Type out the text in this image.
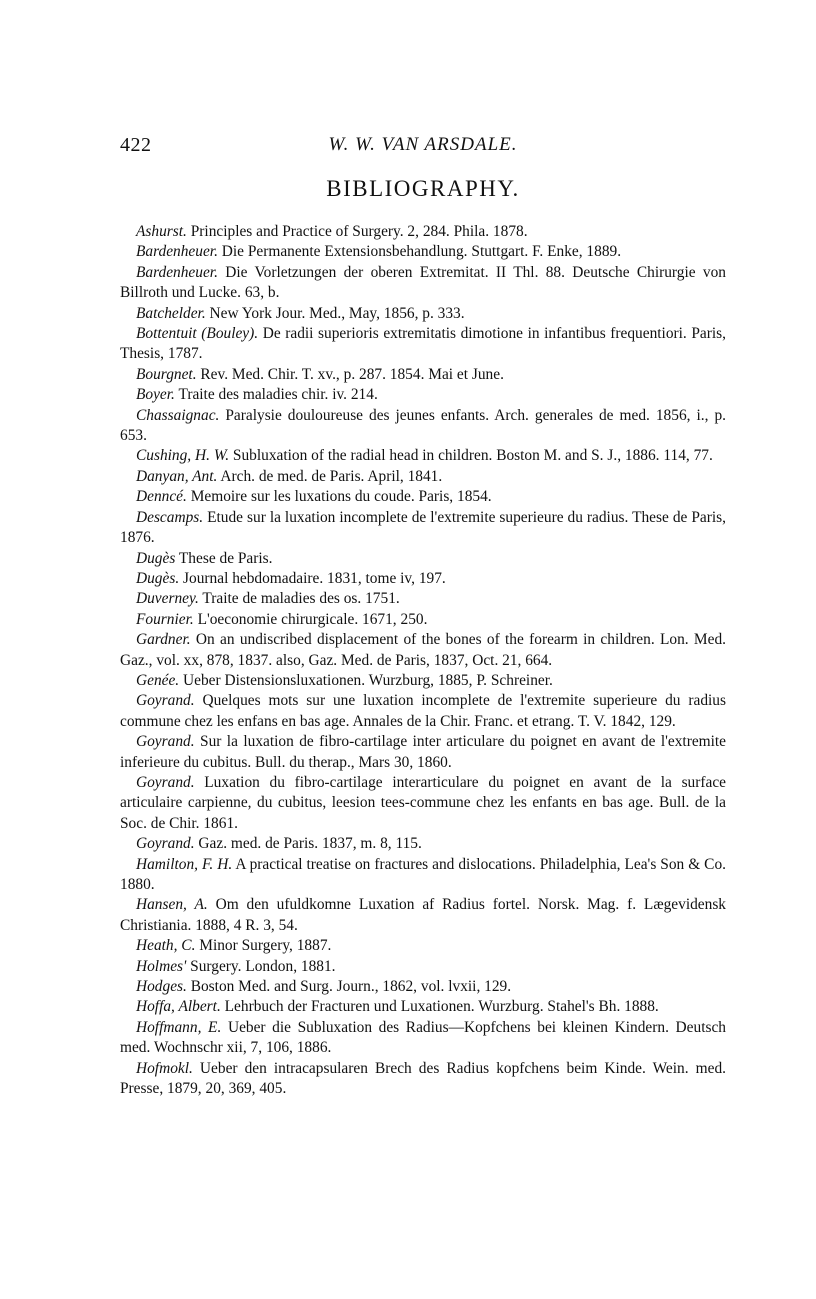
422	W. W. VAN ARSDALE.
BIBLIOGRAPHY.

Ashurst. Principles and Practice of Surgery. 2, 284. Phila. 1878.

Bardenheuer. Die Permanente Extensionsbehandlung. Stuttgart. F. Enke, 1889.

Bardenheuer. Die Vorletzungen der oberen Extremitat. II Thl. 88. Deutsche Chirurgie von Billroth und Lucke. 63, b.

Batchelder. New York Jour. Med., May, 1856, p. 333.

Bottentuit (Bouley). De radii superioris extremitatis dimotione in infantibus frequentiori. Paris, Thesis, 1787.

Bourgnet. Rev. Med. Chir. T. xv., p. 287. 1854. Mai et June.

Boyer. Traite des maladies chir. iv. 214.

Chassaignac. Paralysie douloureuse des jeunes enfants. Arch. generales de med. 1856, i., p. 653.

Cushing, H. W. Subluxation of the radial head in children. Boston M. and S. J., 1886. 114, 77.

Danyan, Ant. Arch. de med. de Paris. April, 1841.

Denncé. Memoire sur les luxations du coude. Paris, 1854.

Descamps. Etude sur la luxation incomplete de l'extremite superieure du radius. These de Paris, 1876.

Dugès These de Paris.

Dugès. Journal hebdomadaire. 1831, tome iv, 197.

Duverney. Traite de maladies des os. 1751.

Fournier. L'oeconomie chirurgicale. 1671, 250.

Gardner. On an undiscribed displacement of the bones of the forearm in children. Lon. Med. Gaz., vol. xx, 878, 1837. also, Gaz. Med. de Paris, 1837, Oct. 21, 664.

Genée. Ueber Distensionsluxationen. Wurzburg, 1885, P. Schreiner.

Goyrand. Quelques mots sur une luxation incomplete de l'extremite superieure du radius commune chez les enfans en bas age. Annales de la Chir. Franc. et etrang. T. V. 1842, 129.

Goyrand. Sur la luxation de fibro-cartilage inter articulare du poignet en avant de l'extremite inferieure du cubitus. Bull. du therap., Mars 30, 1860.

Goyrand. Luxation du fibro-cartilage interarticulare du poignet en avant de la surface articulaire carpienne, du cubitus, leesion tees-commune chez les enfants en bas age. Bull. de la Soc. de Chir. 1861.

Goyrand. Gaz. med. de Paris. 1837, m. 8, 115.

Hamilton, F. H. A practical treatise on fractures and dislocations. Philadelphia, Lea's Son & Co. 1880.

Hansen, A. Om den ufuldkomne Luxation af Radius fortel. Norsk. Mag. f. Lægevidensk Christiania. 1888, 4 R. 3, 54.

Heath, C. Minor Surgery, 1887.

Holmes' Surgery. London, 1881.

Hodges. Boston Med. and Surg. Journ., 1862, vol. lvxii, 129.

Hoffa, Albert. Lehrbuch der Fracturen und Luxationen. Wurzburg. Stahel's Bh. 1888.

Hoffmann, E. Ueber die Subluxation des Radius—Kopfchens bei kleinen Kindern. Deutsch med. Wochnschr xii, 7, 106, 1886.

Hofmokl. Ueber den intracapsularen Brech des Radius kopfchens beim Kinde. Wein. med. Presse, 1879, 20, 369, 405.
